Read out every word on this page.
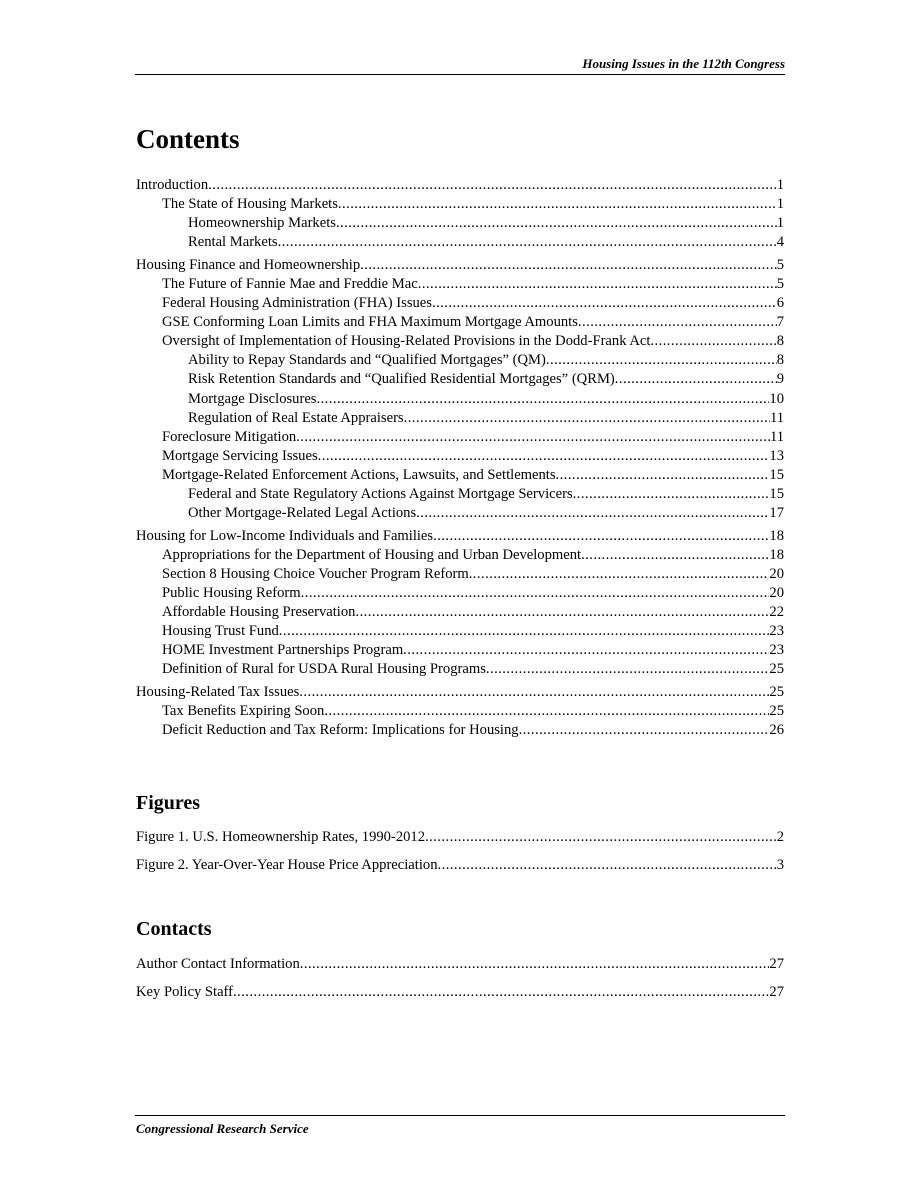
Housing Issues in the 112th Congress
Contents
Introduction . . .	1
The State of Housing Markets . . .	1
Homeownership Markets . . .	1
Rental Markets . . .	4
Housing Finance and Homeownership . . .	5
The Future of Fannie Mae and Freddie Mac . . .	5
Federal Housing Administration (FHA) Issues . . .	6
GSE Conforming Loan Limits and FHA Maximum Mortgage Amounts . . .	7
Oversight of Implementation of Housing-Related Provisions in the Dodd-Frank Act . . .	8
Ability to Repay Standards and “Qualified Mortgages” (QM) . . .	8
Risk Retention Standards and “Qualified Residential Mortgages” (QRM) . . .	9
Mortgage Disclosures . . .	10
Regulation of Real Estate Appraisers . . .	11
Foreclosure Mitigation . . .	11
Mortgage Servicing Issues . . .	13
Mortgage-Related Enforcement Actions, Lawsuits, and Settlements . . .	15
Federal and State Regulatory Actions Against Mortgage Servicers . . .	15
Other Mortgage-Related Legal Actions . . .	17
Housing for Low-Income Individuals and Families . . .	18
Appropriations for the Department of Housing and Urban Development . . .	18
Section 8 Housing Choice Voucher Program Reform . . .	20
Public Housing Reform . . .	20
Affordable Housing Preservation . . .	22
Housing Trust Fund . . .	23
HOME Investment Partnerships Program . . .	23
Definition of Rural for USDA Rural Housing Programs . . .	25
Housing-Related Tax Issues . . .	25
Tax Benefits Expiring Soon . . .	25
Deficit Reduction and Tax Reform: Implications for Housing . . .	26
Figures
Figure 1. U.S. Homeownership Rates, 1990-2012 . . .	2
Figure 2. Year-Over-Year House Price Appreciation . . .	3
Contacts
Author Contact Information . . .	27
Key Policy Staff . . .	27
Congressional Research Service
